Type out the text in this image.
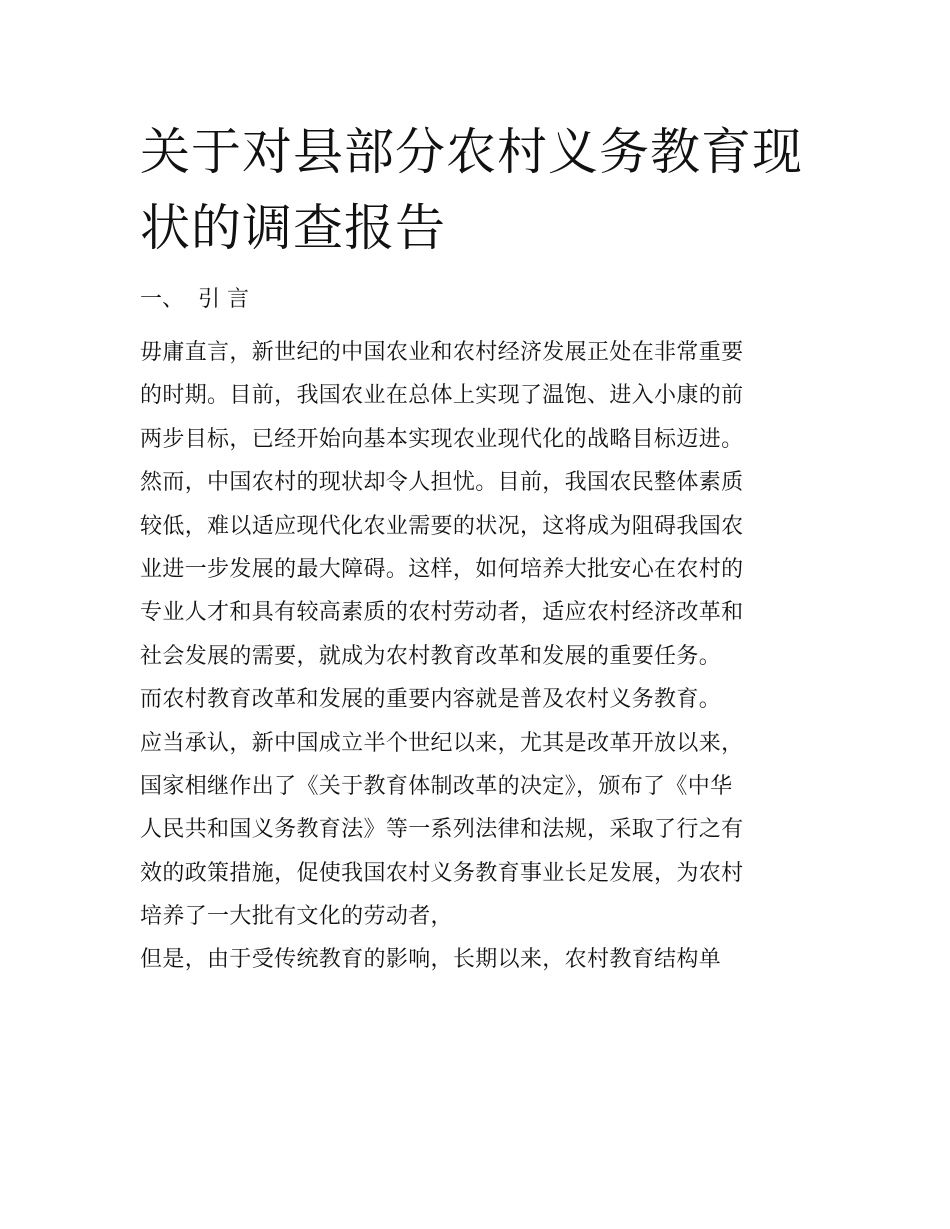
关于对县部分农村义务教育现
状的调查报告
一、 引 言
毋庸直言，新世纪的中国农业和农村经济发展正处在非常重要
的时期。目前，我国农业在总体上实现了温饱、进入小康的前
两步目标，已经开始向基本实现农业现代化的战略目标迈进。
然而，中国农村的现状却令人担忧。目前，我国农民整体素质
较低，难以适应现代化农业需要的状况，这将成为阻碍我国农
业进一步发展的最大障碍。这样，如何培养大批安心在农村的
专业人才和具有较高素质的农村劳动者，适应农村经济改革和
社会发展的需要，就成为农村教育改革和发展的重要任务。
而农村教育改革和发展的重要内容就是普及农村义务教育。
应当承认，新中国成立半个世纪以来，尤其是改革开放以来，
国家相继作出了《关于教育体制改革的决定》，颁布了《中华
人民共和国义务教育法》等一系列法律和法规，采取了行之有
效的政策措施，促使我国农村义务教育事业长足发展，为农村
培养了一大批有文化的劳动者，
但是，由于受传统教育的影响，长期以来，农村教育结构单
